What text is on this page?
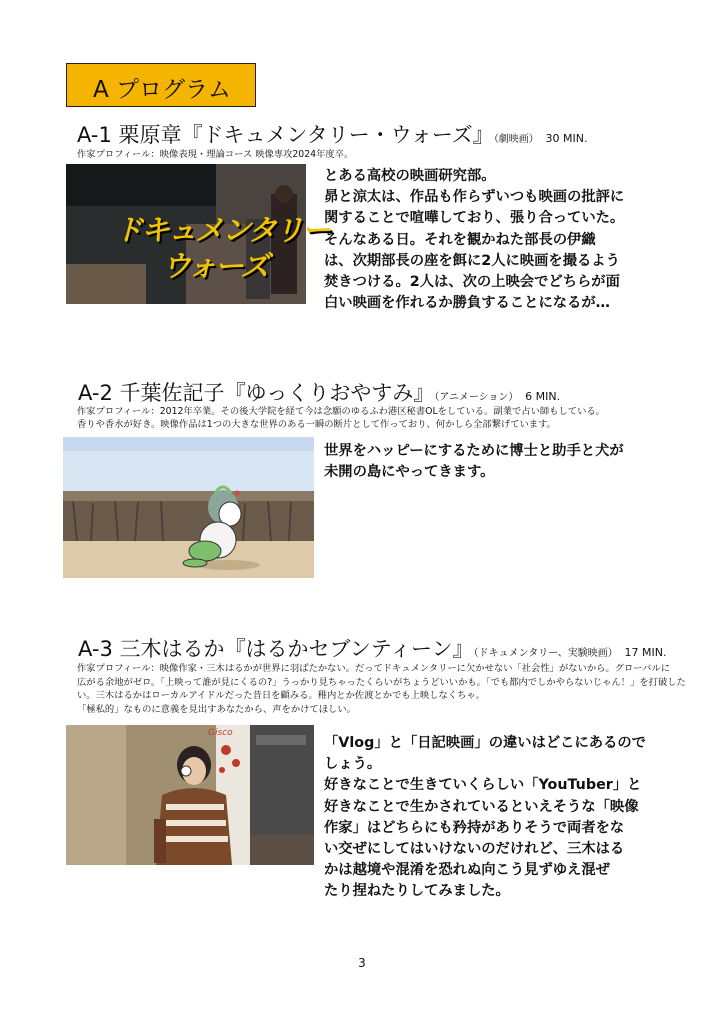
A プログラム
A-1 栗原章『ドキュメンタリー・ウォーズ』（劇映画） 30 MIN.
作家プロフィール：映像表現・理論コース 映像専攻2024年度卒。
ドキュメンタリー
ウォーズ
とある高校の映画研究部。
昴と涼太は、作品も作らずいつも映画の批評に
関することで喧嘩しており、張り合っていた。
そんなある日。それを観かねた部長の伊織
は、次期部長の座を餌に2人に映画を撮るよう
焚きつける。2人は、次の上映会でどちらが面
白い映画を作れるか勝負することになるが…
A-2 千葉佐記子『ゆっくりおやすみ』（アニメーション） 6 MIN.
作家プロフィール：2012年卒業。その後大学院を経て今は念願のゆるふわ港区秘書OLをしている。副業で占い師もしている。
香りや香水が好き。映像作品は1つの大きな世界のある一瞬の断片として作っており、何かしら全部繋げています。
世界をハッピーにするために博士と助手と犬が
未開の島にやってきます。
A-3 三木はるか『はるかセブンティーン』（ドキュメンタリー、実験映画） 17 MIN.
作家プロフィール：映像作家・三木はるかが世界に羽ばたかない。だってドキュメンタリーに欠かせない「社会性」がないから。グローバルに
広がる余地がゼロ。「上映って誰が見にくるの?」うっかり見ちゃったくらいがちょうどいいかも。「でも都内でしかやらないじゃん！」を打破した
い。三木はるかはローカルアイドルだった昔日を顧みる。稚内とか佐渡とかでも上映しなくちゃ。
「極私的」なものに意義を見出すあなたから、声をかけてほしい。
Gisco
「Vlog」と「日記映画」の違いはどこにあるので
しょう。
好きなことで生きていくらしい「YouTuber」と
好きなことで生かされているといえそうな「映像
作家」はどちらにも矜持がありそうで両者をな
い交ぜにしてはいけないのだけれど、三木はる
かは越境や混淆を恐れぬ向こう見ずゆえ混ぜ
たり捏ねたりしてみました。
3
